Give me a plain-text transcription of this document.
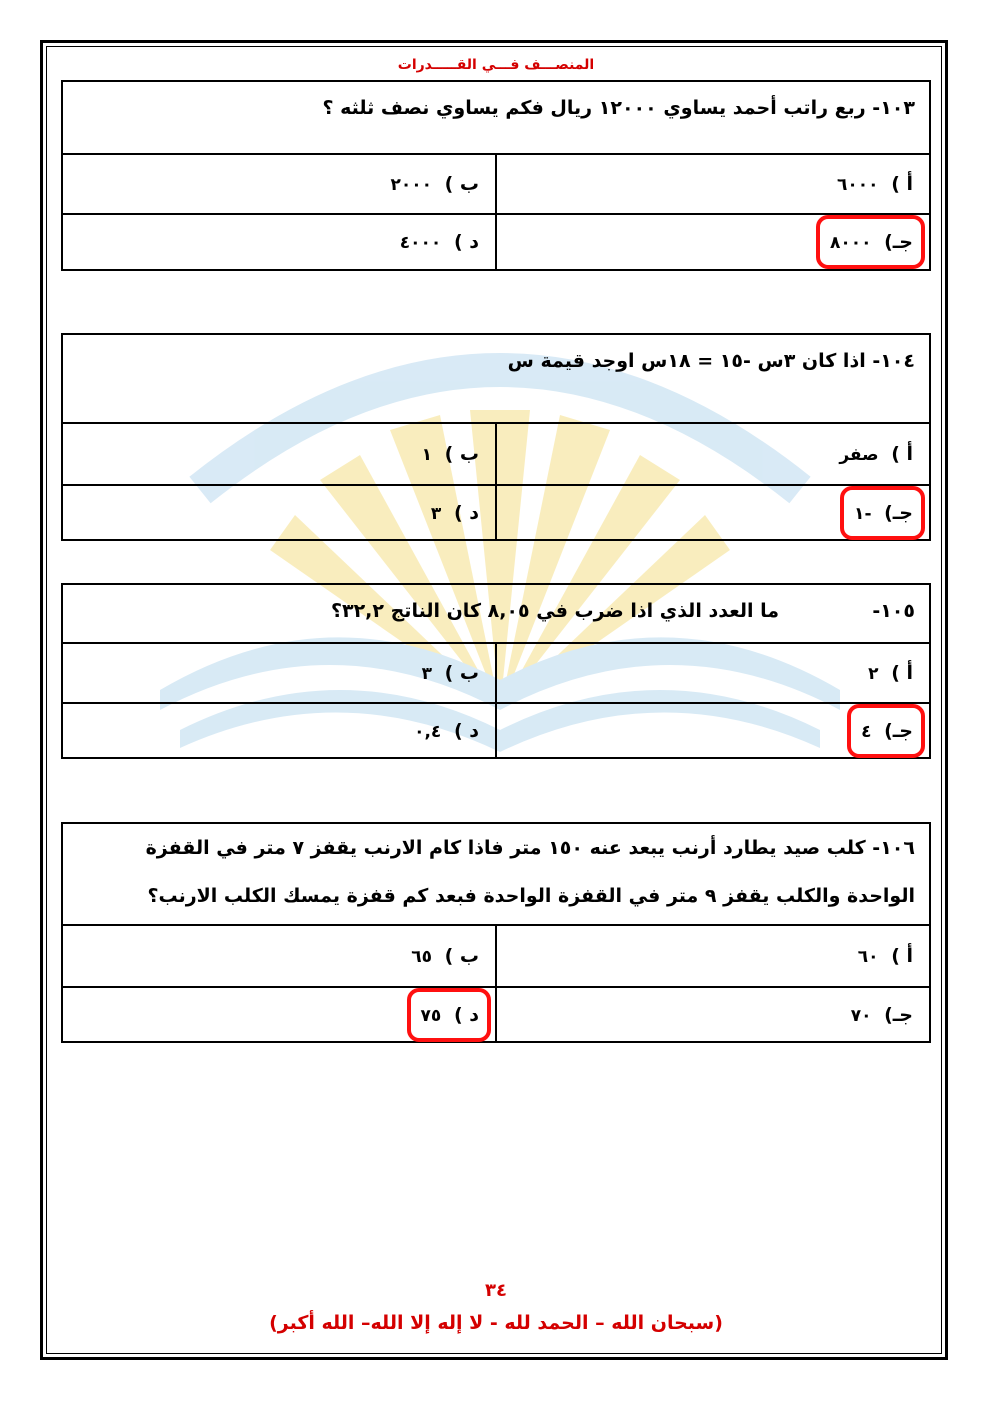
المنصـــف فـــي القـــــدرات
١٠٣- ربع راتب أحمد يساوي ١٢٠٠٠ ريال فكم يساوي نصف ثلثه ؟	
أ ) ٦٠٠٠	ب ) ٢٠٠٠
جـ) ٨٠٠٠	د ) ٤٠٠٠
١٠٤- اذا كان ٣س -١٥ = ١٨س اوجد قيمة س	
أ ) صفر	ب ) ١
جـ) -١	د ) ٣
١٠٥-  ما العدد الذي اذا ضرب في ٨,٠٥ كان الناتج ٣٢,٢؟	
أ ) ٢	ب ) ٣
جـ) ٤	د ) ٠,٤
١٠٦- كلب صيد يطارد أرنب يبعد عنه ١٥٠ متر فاذا كام الارنب يقفز ٧ متر في القفزة
الواحدة والكلب يقفز ٩ متر في القفزة الواحدة فبعد كم قفزة يمسك الكلب الارنب؟	

أ ) ٦٠	ب ) ٦٥
جـ) ٧٠	د ) ٧٥
٣٤
(سبحان الله – الحمد لله - لا إله إلا الله– الله أكبر)
